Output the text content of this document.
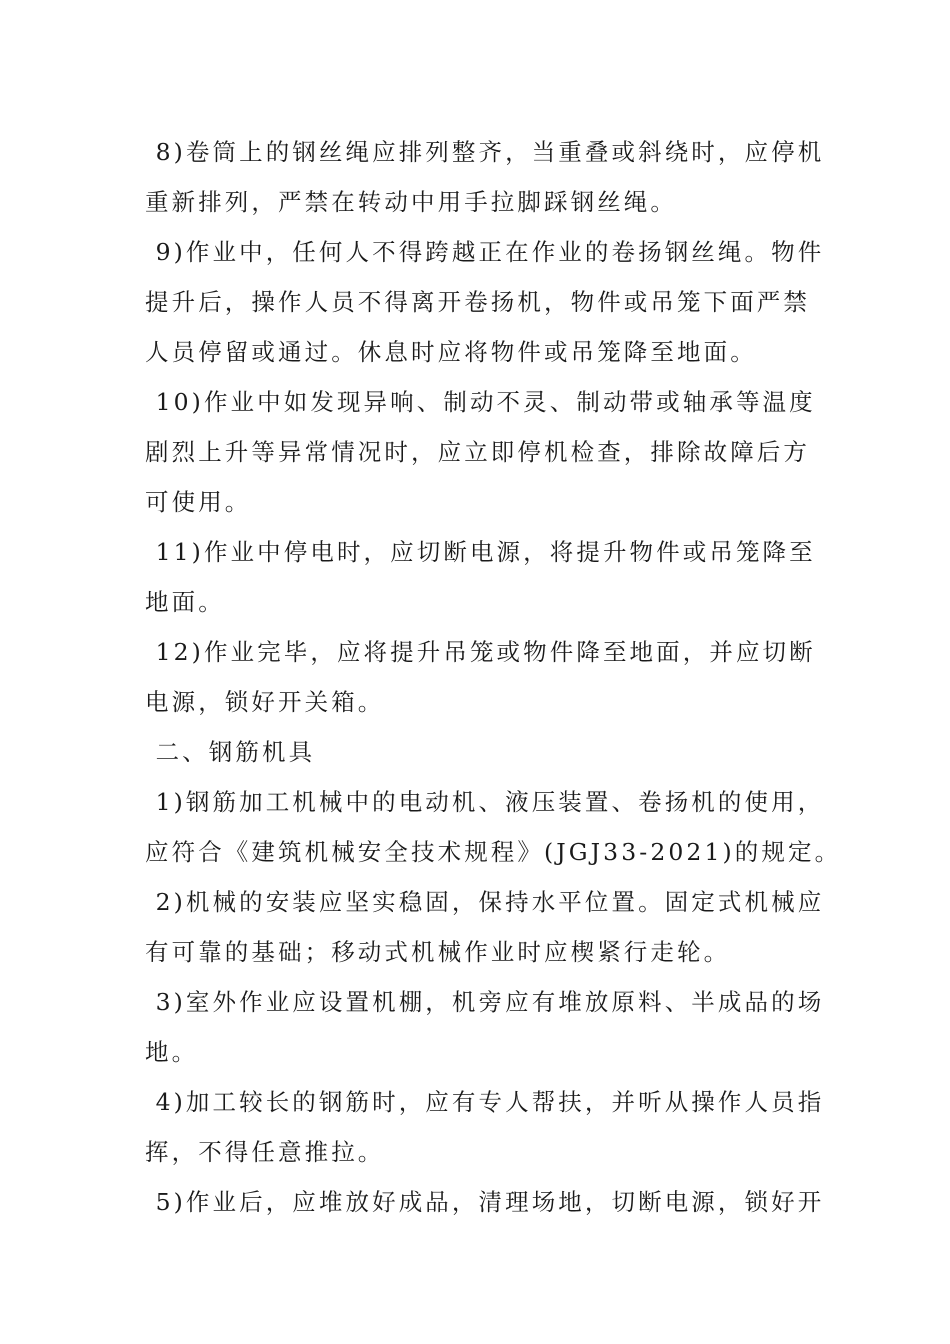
8)卷筒上的钢丝绳应排列整齐，当重叠或斜绕时，应停机
重新排列，严禁在转动中用手拉脚踩钢丝绳。
9)作业中，任何人不得跨越正在作业的卷扬钢丝绳。物件
提升后，操作人员不得离开卷扬机，物件或吊笼下面严禁
人员停留或通过。休息时应将物件或吊笼降至地面。
10)作业中如发现异响、制动不灵、制动带或轴承等温度
剧烈上升等异常情况时，应立即停机检查，排除故障后方
可使用。
11)作业中停电时，应切断电源，将提升物件或吊笼降至
地面。
12)作业完毕，应将提升吊笼或物件降至地面，并应切断
电源，锁好开关箱。
二、钢筋机具
1)钢筋加工机械中的电动机、液压装置、卷扬机的使用，
应符合《建筑机械安全技术规程》(JGJ33-2021)的规定。
2)机械的安装应坚实稳固，保持水平位置。固定式机械应
有可靠的基础；移动式机械作业时应楔紧行走轮。
3)室外作业应设置机棚，机旁应有堆放原料、半成品的场
地。
4)加工较长的钢筋时，应有专人帮扶，并听从操作人员指
挥，不得任意推拉。
5)作业后，应堆放好成品，清理场地，切断电源，锁好开
